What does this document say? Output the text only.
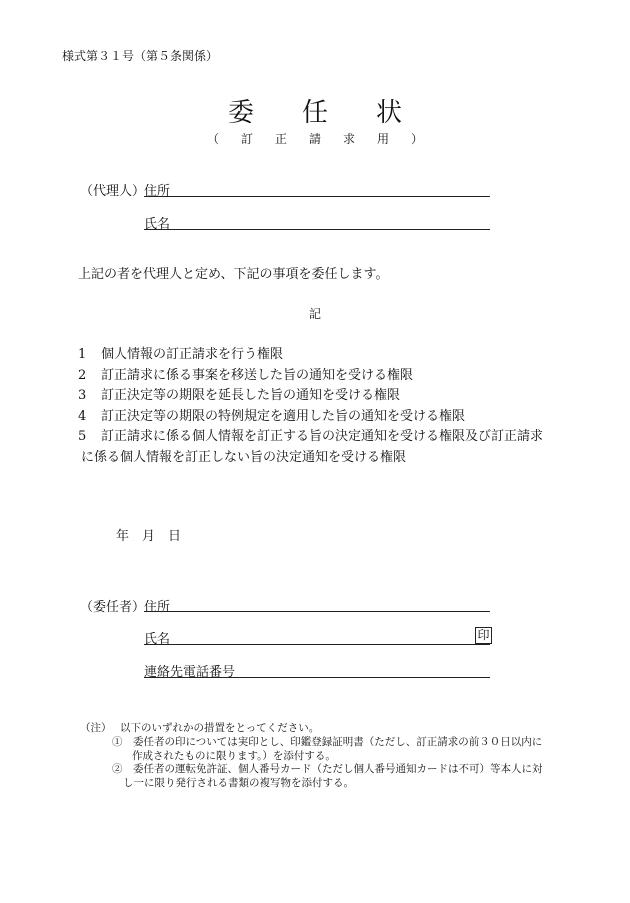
様式第３１号（第５条関係）
委 任 状
（ 訂 正 請 求 用 ）
（代理人）
住所
氏名
上記の者を代理人と定め、下記の事項を委任します。
記
1 個人情報の訂正請求を行う権限
2 訂正請求に係る事案を移送した旨の通知を受ける権限
3 訂正決定等の期限を延長した旨の通知を受ける権限
4 訂正決定等の期限の特例規定を適用した旨の通知を受ける権限
5 訂正請求に係る個人情報を訂正する旨の決定通知を受ける権限及び訂正請求
に係る個人情報を訂正しない旨の決定通知を受ける権限
年　月　日
（委任者）
住所
氏名	印
連絡先電話番号
（注） 以下のいずれかの措置をとってください。
①　委任者の印については実印とし、印鑑登録証明書（ただし、訂正請求の前３０日以内に
作成されたものに限ります。）を添付する。
②　委任者の運転免許証、個人番号カード（ただし個人番号通知カードは不可）等本人に対
し一に限り発行される書類の複写物を添付する。
